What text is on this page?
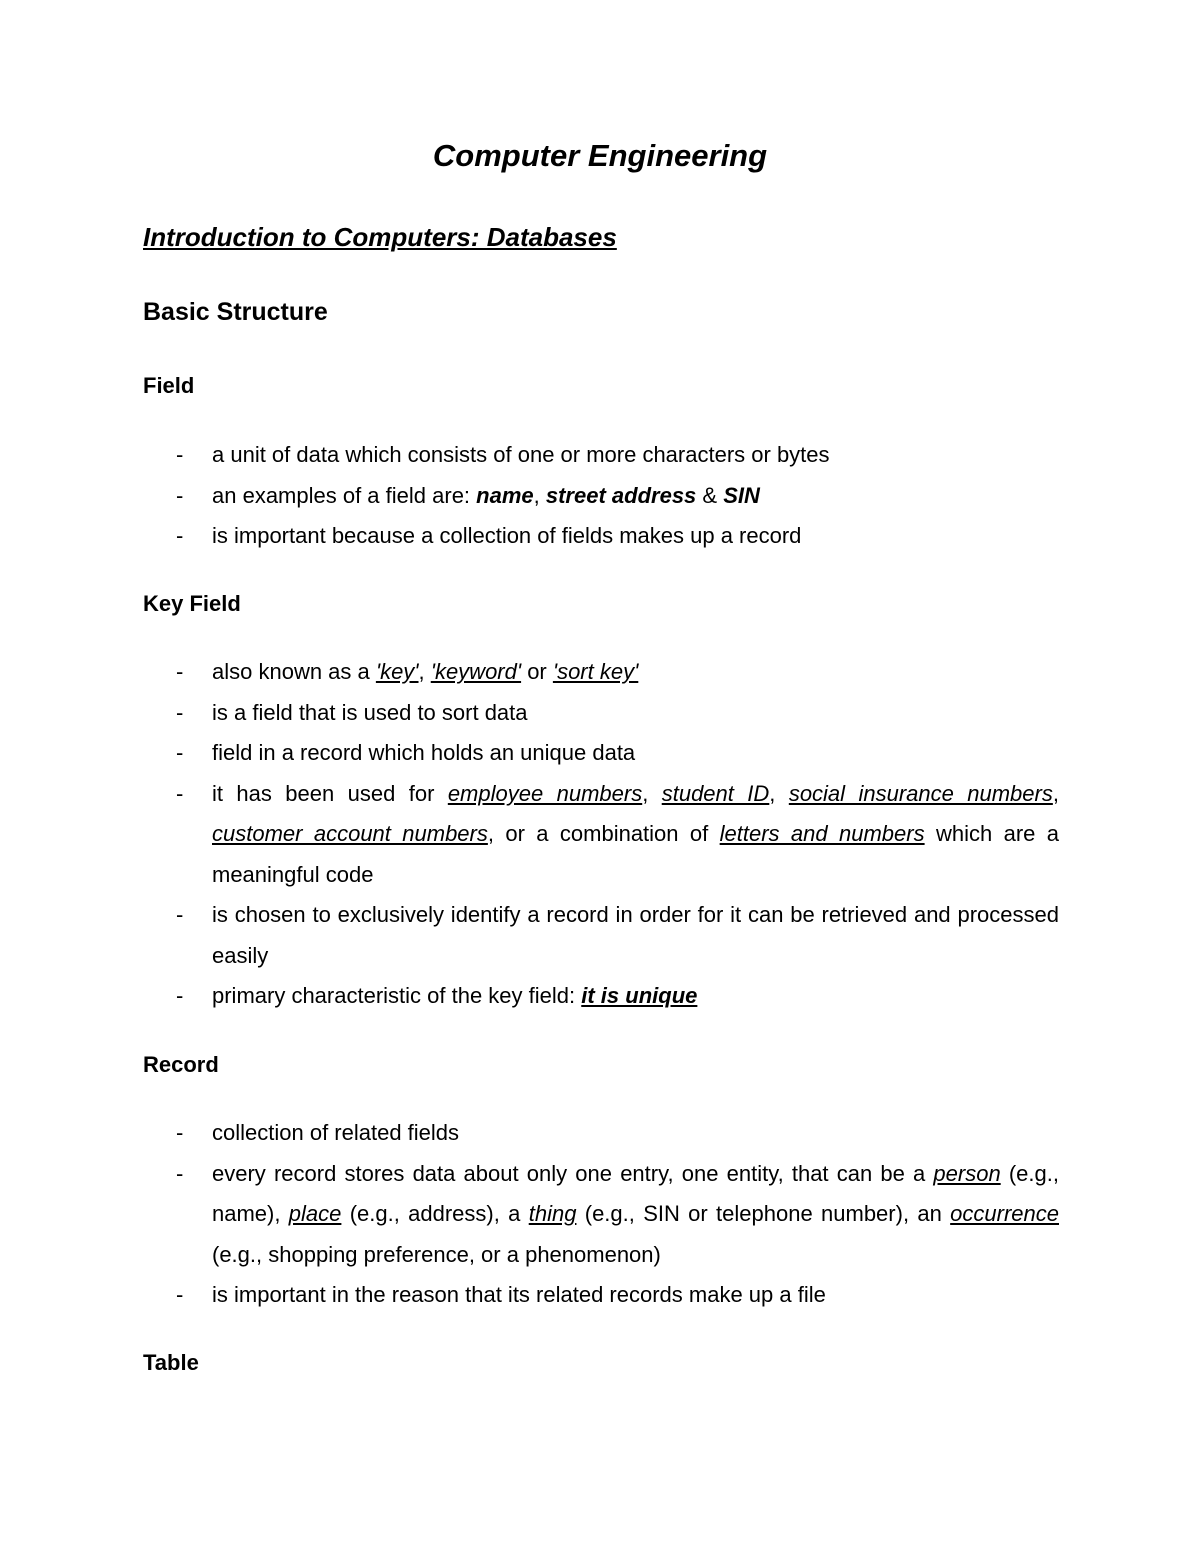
Computer Engineering
Introduction to Computers: Databases
Basic Structure
Field
- a unit of data which consists of one or more characters or bytes
- an examples of a field are: name, street address & SIN
- is important because a collection of fields makes up a record
Key Field
- also known as a 'key', 'keyword' or 'sort key'
- is a field that is used to sort data
- field in a record which holds an unique data
- it has been used for employee numbers, student ID, social insurance numbers, customer account numbers, or a combination of letters and numbers which are a meaningful code
- is chosen to exclusively identify a record in order for it can be retrieved and processed easily
- primary characteristic of the key field: it is unique
Record
- collection of related fields
- every record stores data about only one entry, one entity, that can be a person (e.g., name), place (e.g., address), a thing (e.g., SIN or telephone number), an occurrence (e.g., shopping preference, or a phenomenon)
- is important in the reason that its related records make up a file
Table
